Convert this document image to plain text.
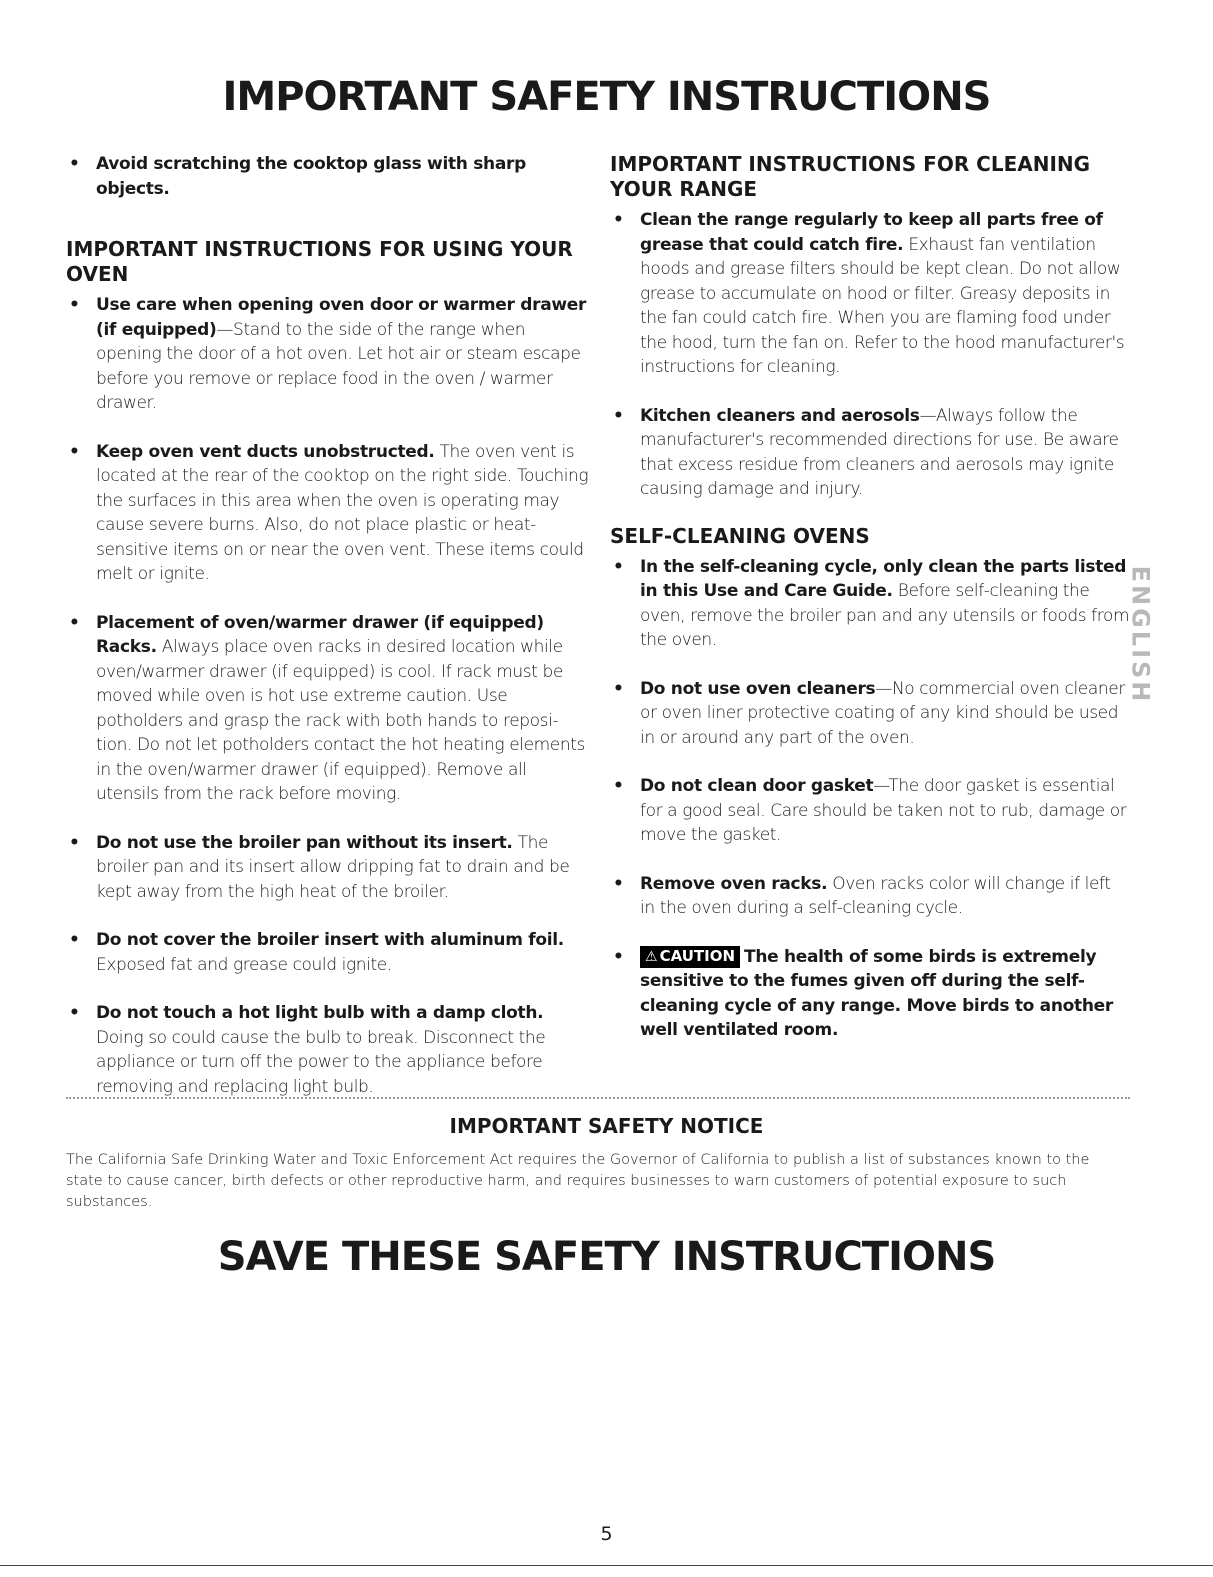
IMPORTANT SAFETY INSTRUCTIONS
• Avoid scratching the cooktop glass with sharp objects.
IMPORTANT INSTRUCTIONS FOR USING YOUR OVEN
• Use care when opening oven door or warmer drawer (if equipped)—Stand to the side of the range when opening the door of a hot oven. Let hot air or steam escape before you remove or replace food in the oven / warmer drawer.
• Keep oven vent ducts unobstructed. The oven vent is located at the rear of the cooktop on the right side. Touching the surfaces in this area when the oven is operating may cause severe burns. Also, do not place plastic or heat-sensitive items on or near the oven vent. These items could melt or ignite.
• Placement of oven/warmer drawer (if equipped) Racks. Always place oven racks in desired location while oven/warmer drawer (if equipped) is cool. If rack must be moved while oven is hot use extreme caution. Use potholders and grasp the rack with both hands to reposi-tion. Do not let potholders contact the hot heating elements in the oven/warmer drawer (if equipped). Remove all utensils from the rack before moving.
• Do not use the broiler pan without its insert. The broiler pan and its insert allow dripping fat to drain and be kept away from the high heat of the broiler.
• Do not cover the broiler insert with aluminum foil. Exposed fat and grease could ignite.
• Do not touch a hot light bulb with a damp cloth. Doing so could cause the bulb to break. Disconnect the appliance or turn off the power to the appliance before removing and replacing light bulb.
IMPORTANT INSTRUCTIONS FOR CLEANING YOUR RANGE
• Clean the range regularly to keep all parts free of grease that could catch fire. Exhaust fan ventilation hoods and grease filters should be kept clean. Do not allow grease to accumulate on hood or filter. Greasy deposits in the fan could catch fire. When you are flaming food under the hood, turn the fan on. Refer to the hood manufacturer's instructions for cleaning.
• Kitchen cleaners and aerosols—Always follow the manufacturer's recommended directions for use. Be aware that excess residue from cleaners and aerosols may ignite causing damage and injury.
SELF-CLEANING OVENS
• In the self-cleaning cycle, only clean the parts listed in this Use and Care Guide. Before self-cleaning the oven, remove the broiler pan and any utensils or foods from the oven.
• Do not use oven cleaners—No commercial oven cleaner or oven liner protective coating of any kind should be used in or around any part of the oven.
• Do not clean door gasket—The door gasket is essential for a good seal. Care should be taken not to rub, damage or move the gasket.
• Remove oven racks. Oven racks color will change if left in the oven during a self-cleaning cycle.
• ⚠ CAUTION The health of some birds is extremely sensitive to the fumes given off during the self-cleaning cycle of any range. Move birds to another well ventilated room.
ENGLISH
IMPORTANT SAFETY NOTICE

The California Safe Drinking Water and Toxic Enforcement Act requires the Governor of California to publish a list of substances known to the state to cause cancer, birth defects or other reproductive harm, and requires businesses to warn customers of potential exposure to such substances.

SAVE THESE SAFETY INSTRUCTIONS

5
